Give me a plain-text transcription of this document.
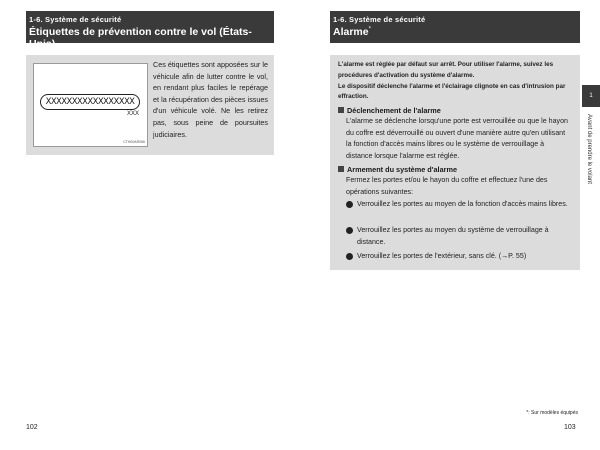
1-6. Système de sécurité
Étiquettes de prévention contre le vol (États-Unis)
XXXXXXXXXXXXXXXXX
XXX
CTH00AR066
Ces étiquettes sont apposées sur le véhicule afin de lutter contre le vol, en rendant plus faciles le repérage et la récupération des pièces issues d'un véhicule volé. Ne les retirez pas, sous peine de poursuites judiciaires.
102
1-6. Système de sécurité
Alarme*

L'alarme est réglée par défaut sur arrêt. Pour utiliser l'alarme, suivez les procédures d'activation du système d'alarme.

Le dispositif déclenche l'alarme et l'éclairage clignote en cas d'intrusion par effraction.

Déclenchement de l'alarme
L'alarme se déclenche lorsqu'une porte est verrouillée ou que le hayon du coffre est déverrouillé ou ouvert d'une manière autre qu'en utilisant la fonction d'accès mains libres ou le système de verrouillage à distance lorsque l'alarme est réglée.
Armement du système d'alarme
Fermez les portes et/ou le hayon du coffre et effectuez l'une des opérations suivantes:
Verrouillez les portes au moyen de la fonction d'accès mains libres.
Verrouillez les portes au moyen du système de verrouillage à distance.
Verrouillez les portes de l'extérieur, sans clé. (→P. 55)
103
1
Avant de prendre le volant
*: Sur modèles équipés
